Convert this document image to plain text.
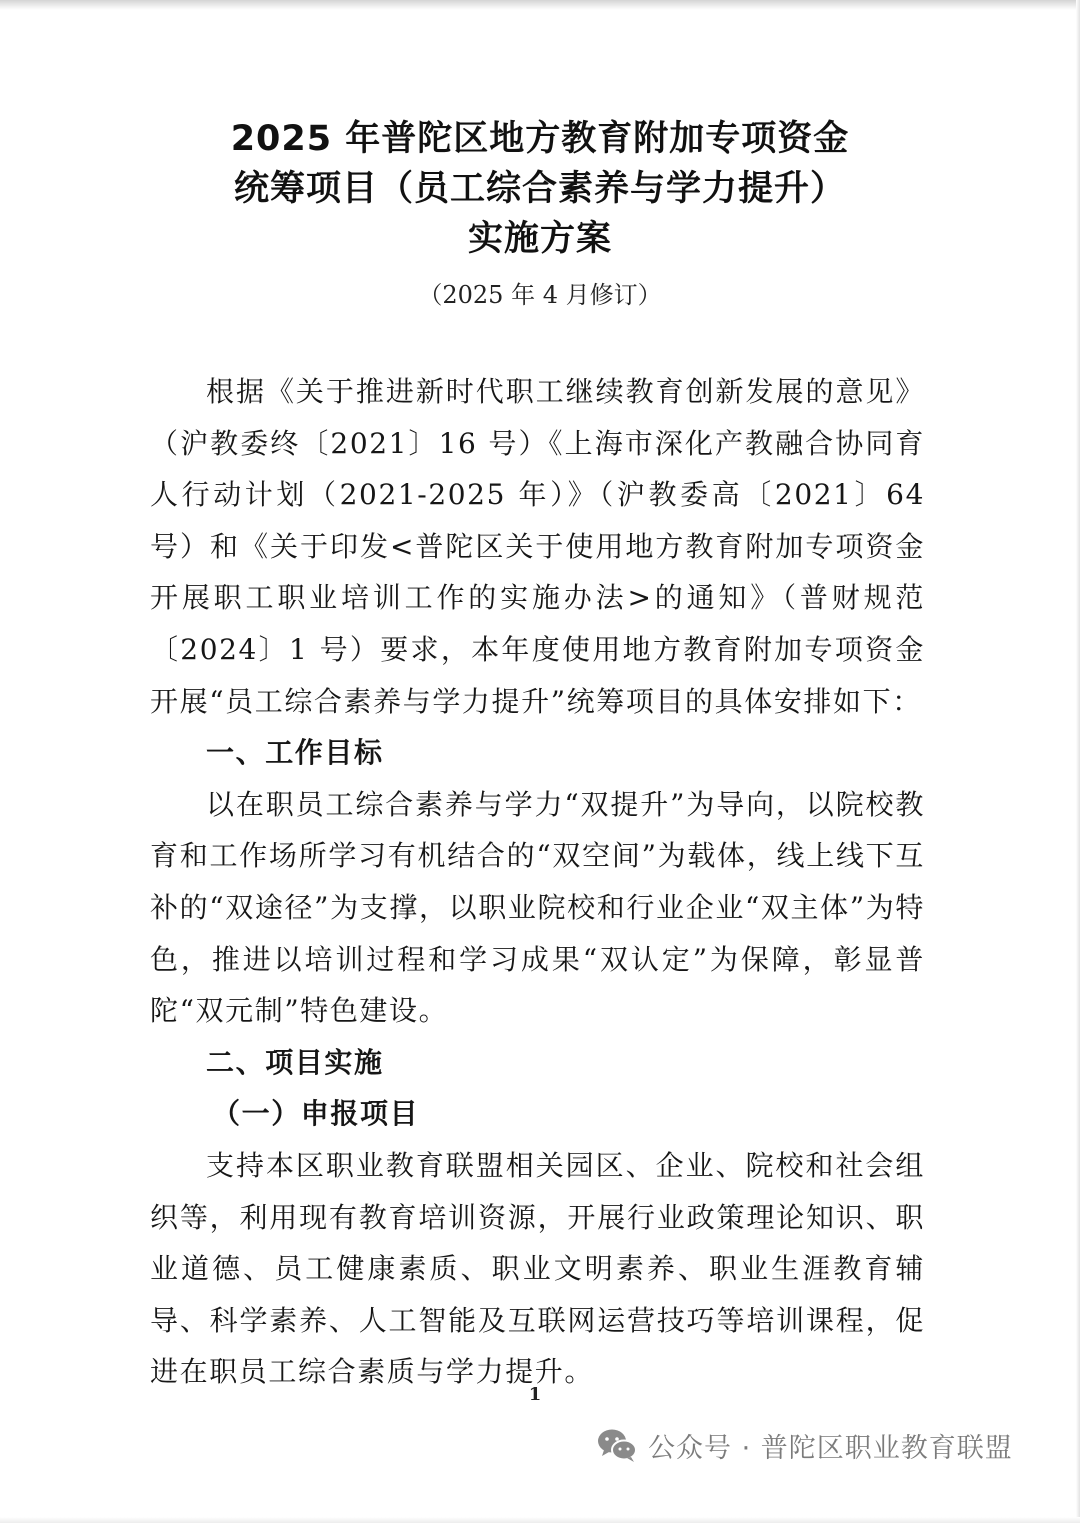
2025 年普陀区地方教育附加专项资金
统筹项目（员工综合素养与学力提升）
实施方案
（2025 年 4 月修订）

根据《关于推进新时代职工继续教育创新发展的意见》（沪教委终〔2021〕16 号）《上海市深化产教融合协同育人行动计划（2021-2025 年）》（沪教委高〔2021〕64 号）和《关于印发<普陀区关于使用地方教育附加专项资金开展职工职业培训工作的实施办法>的通知》（普财规范〔2024〕1 号）要求，本年度使用地方教育附加专项资金开展“员工综合素养与学力提升”统筹项目的具体安排如下：

一、工作目标

以在职员工综合素养与学力“双提升”为导向，以院校教育和工作场所学习有机结合的“双空间”为载体，线上线下互补的“双途径”为支撑，以职业院校和行业企业“双主体”为特色，推进以培训过程和学习成果“双认定”为保障，彰显普陀“双元制”特色建设。

二、项目实施
（一）申报项目

支持本区职业教育联盟相关园区、企业、院校和社会组织等，利用现有教育培训资源，开展行业政策理论知识、职业道德、员工健康素质、职业文明素养、职业生涯教育辅导、科学素养、人工智能及互联网运营技巧等培训课程，促进在职员工综合素质与学力提升。

1
公众号 · 普陀区职业教育联盟
